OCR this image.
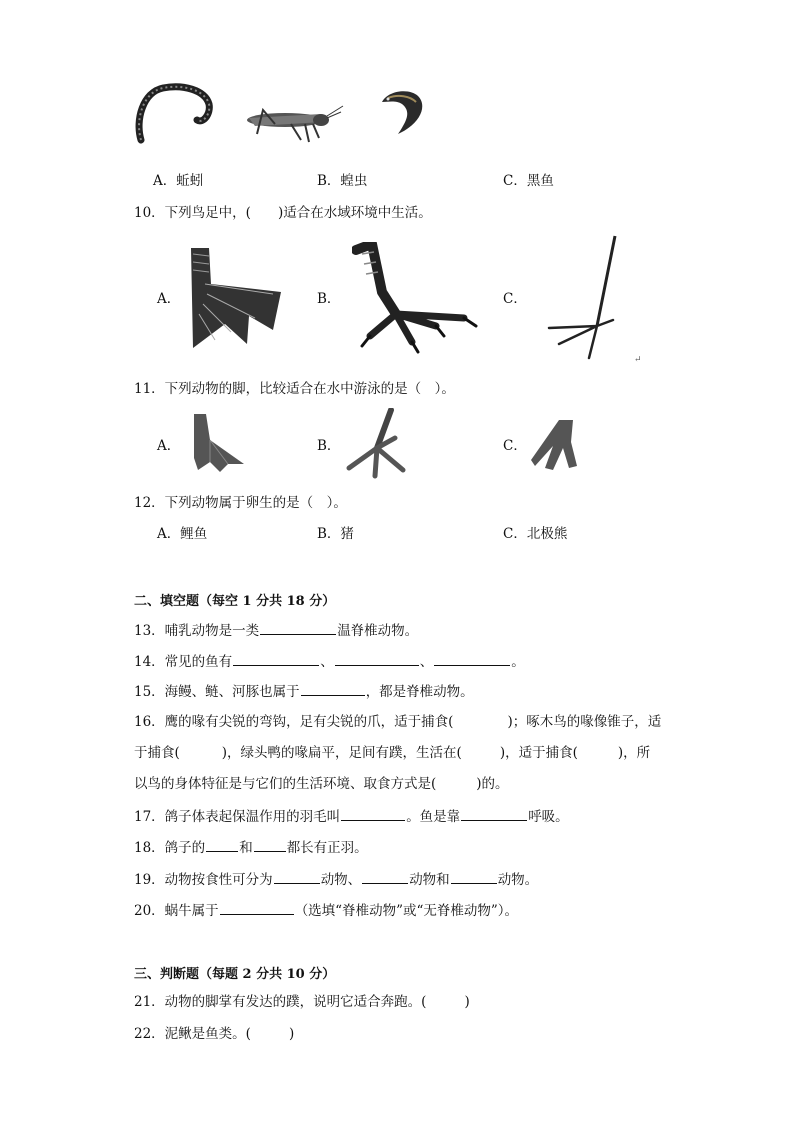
A．蚯蚓	B．蝗虫	C．黑鱼
10．下列鸟足中，(　　)适合在水域环境中生活。
A．	B．	C．
↵
11．下列动物的脚，比较适合在水中游泳的是（　）。
A．	B．	C．
12．下列动物属于卵生的是（　）。
A．鲤鱼	B．猪	C．北极熊
二、填空题（每空 1 分共 18 分）
13．哺乳动物是一类	温脊椎动物。
14．常见的鱼有	、	、	。
15．海鳗、鲢、河豚也属于	，都是脊椎动物。
16．鹰的喙有尖锐的弯钩，足有尖锐的爪，适于捕食(	)；啄木鸟的喙像锥子，适
于捕食(	)，绿头鸭的喙扁平，足间有蹼，生活在(	)，适于捕食(	)，所
以鸟的身体特征是与它们的生活环境、取食方式是(	)的。
17．鸽子体表起保温作用的羽毛叫	。鱼是靠	呼吸。
18．鸽子的	和	都长有正羽。
19．动物按食性可分为	动物、	动物和	动物。
20．蜗牛属于	（选填“脊椎动物”或“无脊椎动物”）。
三、判断题（每题 2 分共 10 分）
21．动物的脚掌有发达的蹼，说明它适合奔跑。(	)
22．泥鳅是鱼类。(	)
